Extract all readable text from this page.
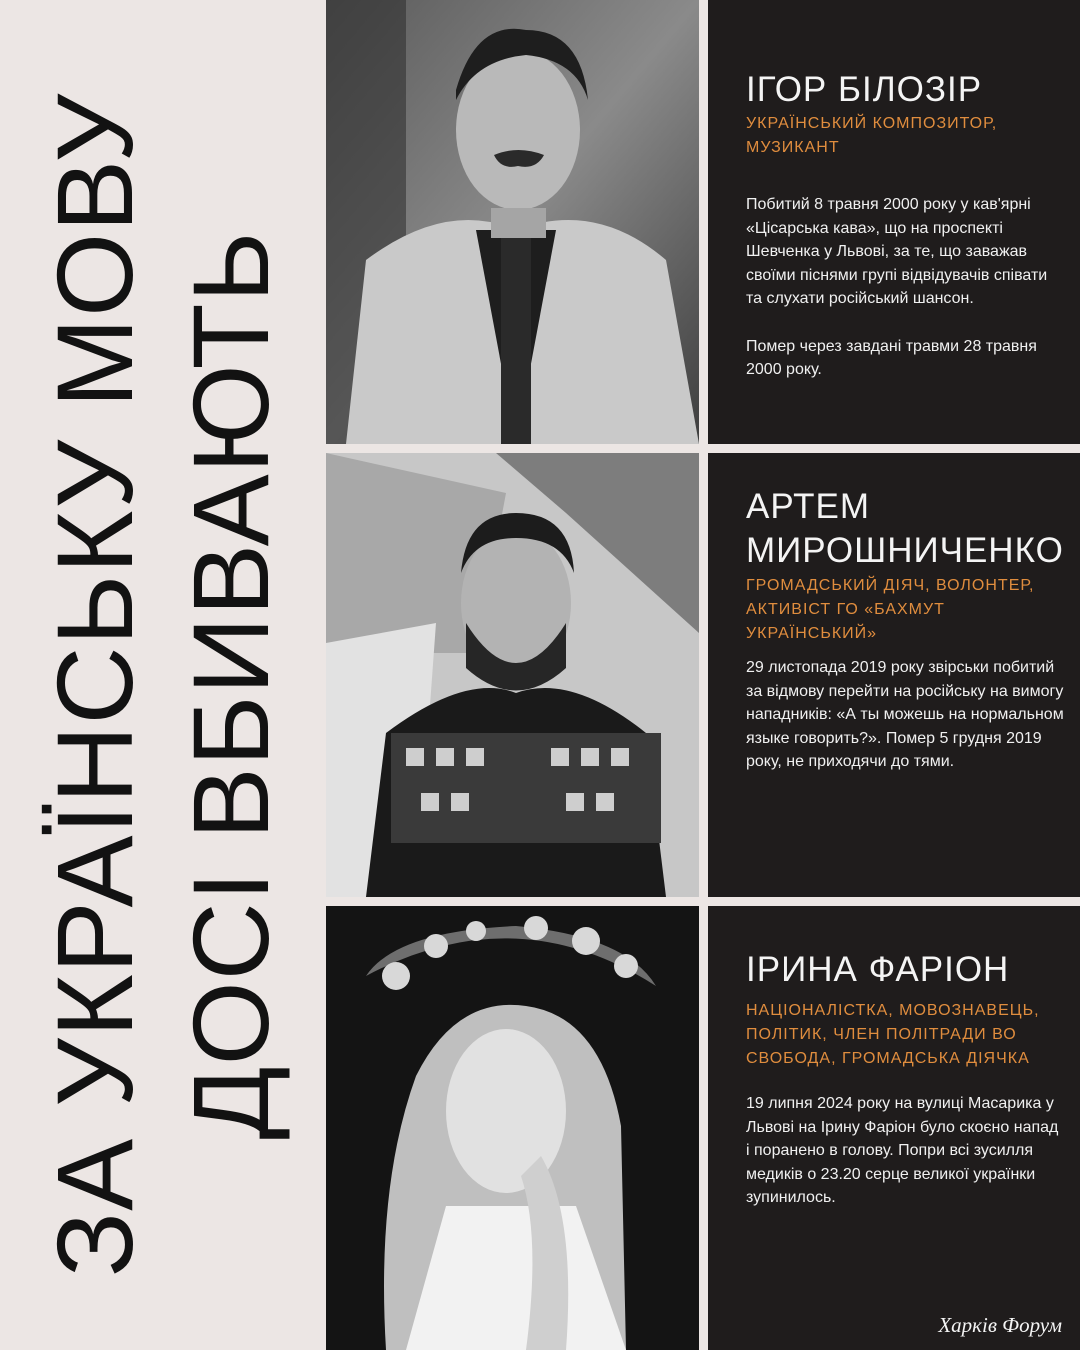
ЗА УКРАЇНСЬКУ МОВУ ДОСІ ВБИВАЮТЬ
ІГОР БІЛОЗІР
УКРАЇНСЬКИЙ КОМПОЗИТОР, МУЗИКАНТ
Побитий 8 травня 2000 року у кав'ярні «Цісарська кава», що на проспекті Шевченка у Львові, за те, що заважав своїми піснями групі відвідувачів співати та слухати російський шансон.

Помер через завдані травми 28 травня 2000 року.
АРТЕМ МИРОШНИЧЕНКО
ГРОМАДСЬКИЙ ДІЯЧ, ВОЛОНТЕР, АКТИВІСТ ГО «БАХМУТ УКРАЇНСЬКИЙ»
29 листопада 2019 року звірськи побитий за відмову перейти на російську на вимогу нападників: «А ты можешь на нормальном языке говорить?». Помер 5 грудня 2019 року, не приходячи до тями.
ІРИНА ФАРІОН
НАЦІОНАЛІСТКА, МОВОЗНАВЕЦЬ, ПОЛІТИК, ЧЛЕН ПОЛІТРАДИ ВО СВОБОДА, ГРОМАДСЬКА ДІЯЧКА
19 липня 2024 року на вулиці Масарика у Львові на Ірину Фаріон було скоєно напад і поранено в голову. Попри всі зусилля медиків о 23.20 серце великої українки зупинилось.
Харків Форум
